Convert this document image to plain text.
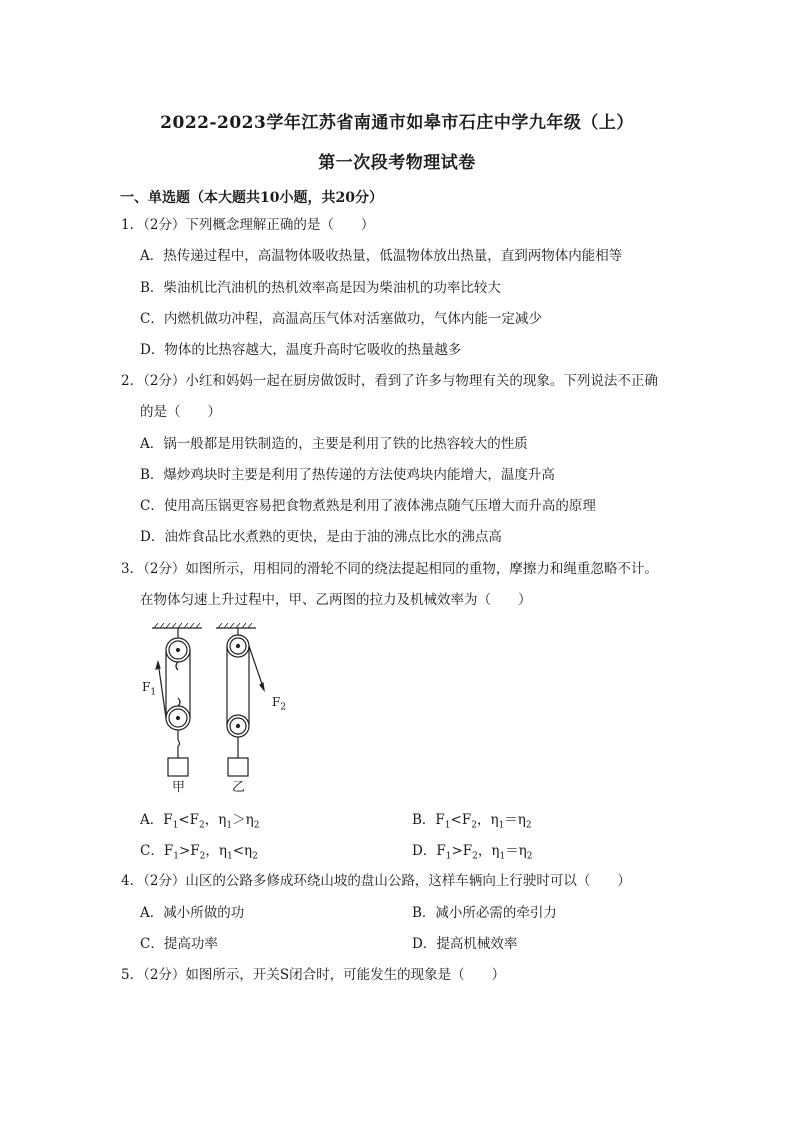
2022-2023学年江苏省南通市如皋市石庄中学九年级（上）
第一次段考物理试卷
一、单选题（本大题共10小题，共20分）
1．（2分）下列概念理解正确的是（　　）
A．热传递过程中，高温物体吸收热量，低温物体放出热量，直到两物体内能相等
B．柴油机比汽油机的热机效率高是因为柴油机的功率比较大
C．内燃机做功冲程，高温高压气体对活塞做功，气体内能一定减少
D．物体的比热容越大，温度升高时它吸收的热量越多
2．（2分）小红和妈妈一起在厨房做饭时，看到了许多与物理有关的现象。下列说法不正确
的是（　　）
A．锅一般都是用铁制造的，主要是利用了铁的比热容较大的性质
B．爆炒鸡块时主要是利用了热传递的方法使鸡块内能增大，温度升高
C．使用高压锅更容易把食物煮熟是利用了液体沸点随气压增大而升高的原理
D．油炸食品比水煮熟的更快，是由于油的沸点比水的沸点高
3．（2分）如图所示，用相同的滑轮不同的绕法提起相同的重物，摩擦力和绳重忽略不计。
在物体匀速上升过程中，甲、乙两图的拉力及机械效率为（　　）
$F_1$
$F_2$
甲	乙
A．$F_1<F_2$，$\eta_1>\eta_2$	B．$F_1<F_2$，$\eta_1=\eta_2$
C．$F_1>F_2$，$\eta_1<\eta_2$	D．$F_1>F_2$，$\eta_1=\eta_2$
4．（2分）山区的公路多修成环绕山坡的盘山公路，这样车辆向上行驶时可以（　　）
A．减小所做的功	B．减小所必需的牵引力
C．提高功率	D．提高机械效率
5．（2分）如图所示，开关S闭合时，可能发生的现象是（　　）
